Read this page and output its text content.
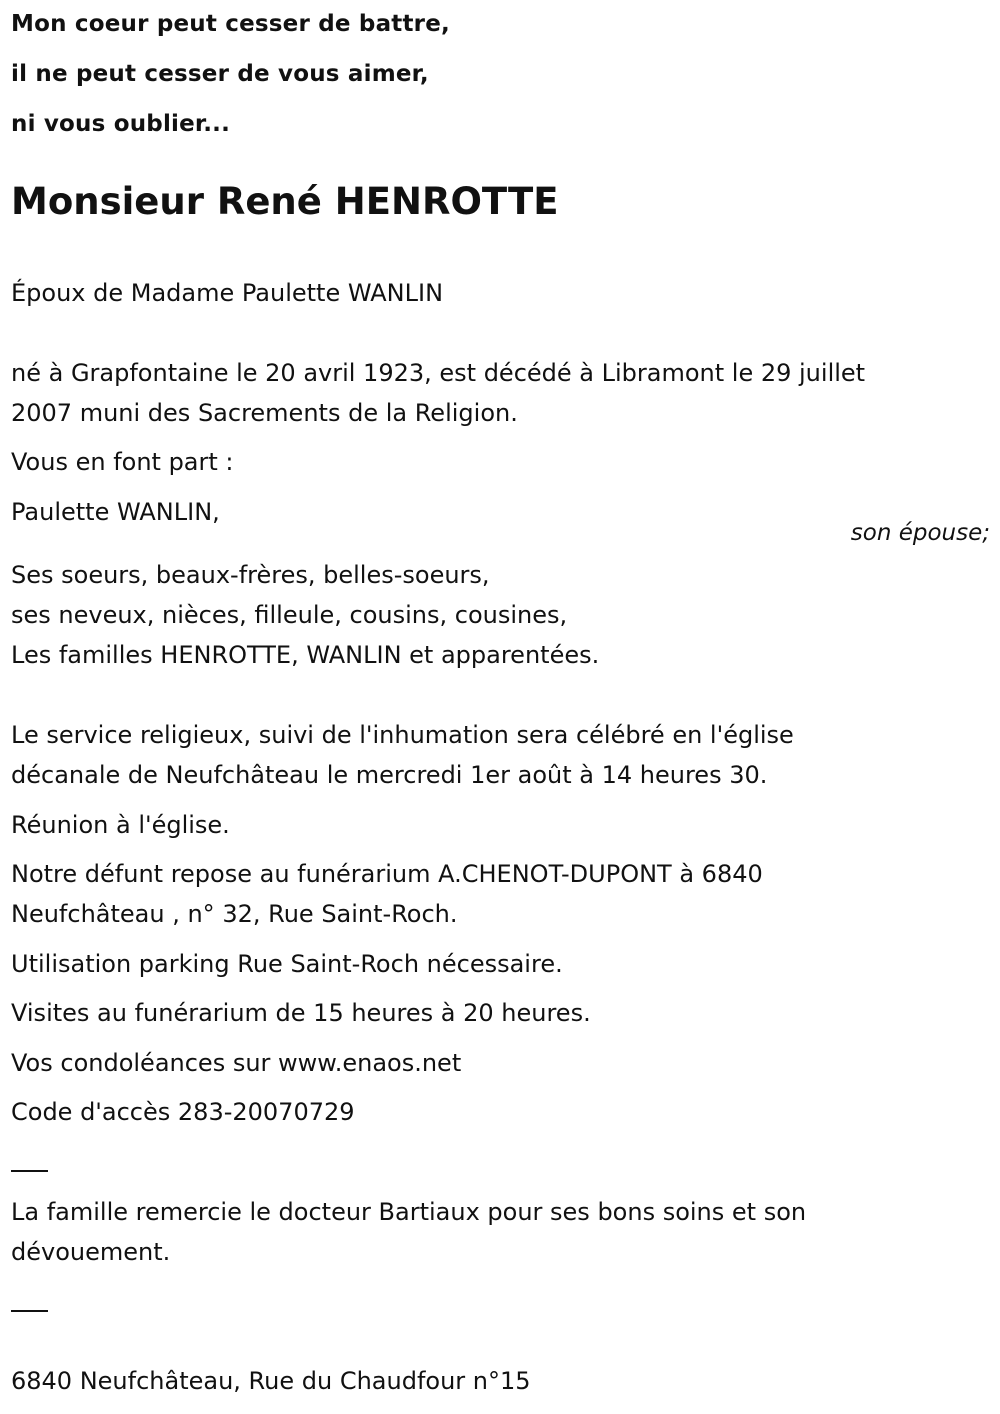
Mon coeur peut cesser de battre,
il ne peut cesser de vous aimer,
ni vous oublier...
Monsieur René HENROTTE
Époux de Madame Paulette WANLIN
né à Grapfontaine le 20 avril 1923, est décédé à Libramont le 29 juillet
2007 muni des Sacrements de la Religion.
Vous en font part :
Paulette WANLIN,
son épouse;
Ses soeurs, beaux-frères, belles-soeurs,
ses neveux, nièces, filleule, cousins, cousines,
Les familles HENROTTE, WANLIN et apparentées.
Le service religieux, suivi de l'inhumation sera célébré en l'église
décanale de Neufchâteau le mercredi 1er août à 14 heures 30.
Réunion à l'église.
Notre défunt repose au funérarium A.CHENOT-DUPONT à 6840
Neufchâteau , n° 32, Rue Saint-Roch.
Utilisation parking Rue Saint-Roch nécessaire.
Visites au funérarium de 15 heures à 20 heures.
Vos condoléances sur www.enaos.net
Code d'accès 283-20070729
La famille remercie le docteur Bartiaux pour ses bons soins et son
dévouement.
6840 Neufchâteau, Rue du Chaudfour n°15
